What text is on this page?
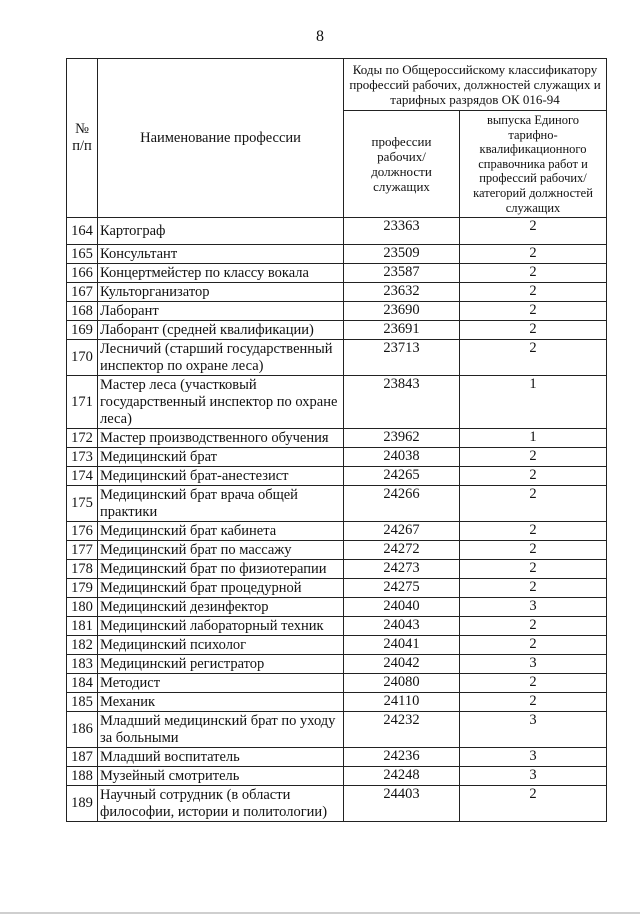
8
№ п/п	Наименование профессии	Коды по Общероссийскому классификатору профессий рабочих, должностей служащих и тарифных разрядов ОК 016-94	
		профессии рабочих/ должности служащих	выпуска Единого тарифно-квалификационного справочника работ и профессий рабочих/категорий должностей служащих
164	Картограф	23363	2
165	Консультант	23509	2
166	Концертмейстер по классу вокала	23587	2
167	Культорганизатор	23632	2
168	Лаборант	23690	2
169	Лаборант (средней квалификации)	23691	2
170	Лесничий (старший государственный инспектор по охране леса)	23713	2
171	Мастер леса (участковый государственный инспектор по охране леса)	23843	1
172	Мастер производственного обучения	23962	1
173	Медицинский брат	24038	2
174	Медицинский брат-анестезист	24265	2
175	Медицинский брат врача общей практики	24266	2
176	Медицинский брат кабинета	24267	2
177	Медицинский брат по массажу	24272	2
178	Медицинский брат по физиотерапии	24273	2
179	Медицинский брат процедурной	24275	2
180	Медицинский дезинфектор	24040	3
181	Медицинский лабораторный техник	24043	2
182	Медицинский психолог	24041	2
183	Медицинский регистратор	24042	3
184	Методист	24080	2
185	Механик	24110	2
186	Младший медицинский брат по уходу за больными	24232	3
187	Младший воспитатель	24236	3
188	Музейный смотритель	24248	3
189	Научный сотрудник (в области философии, истории и политологии)	24403	2
